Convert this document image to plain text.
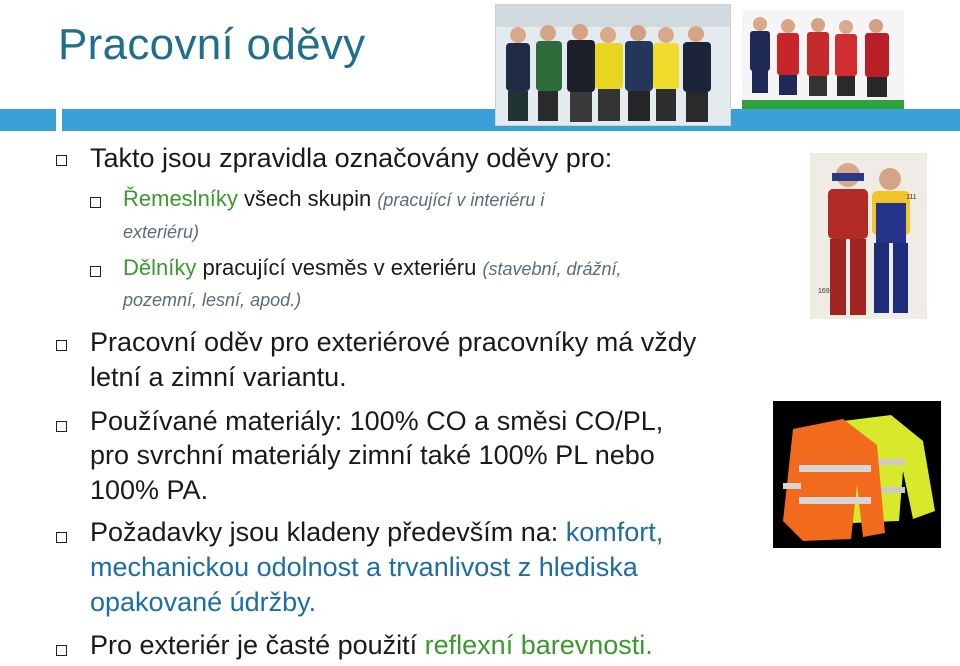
Pracovní oděvy
111
169
Takto jsou zpravidla označovány oděvy pro:
Řemeslníky všech skupin (pracující v interiéru i
exteriéru)
Dělníky pracující vesměs v exteriéru (stavební, drážní,
pozemní, lesní, apod.)
Pracovní oděv pro exteriérové pracovníky má vždy
letní a zimní variantu.
Používané materiály: 100% CO a směsi CO/PL,
pro svrchní materiály zimní také 100% PL nebo
100% PA.
Požadavky jsou kladeny především na: komfort,
mechanickou odolnost a trvanlivost z hlediska
opakované údržby.
Pro exteriér je časté použití reflexní barevnosti.
